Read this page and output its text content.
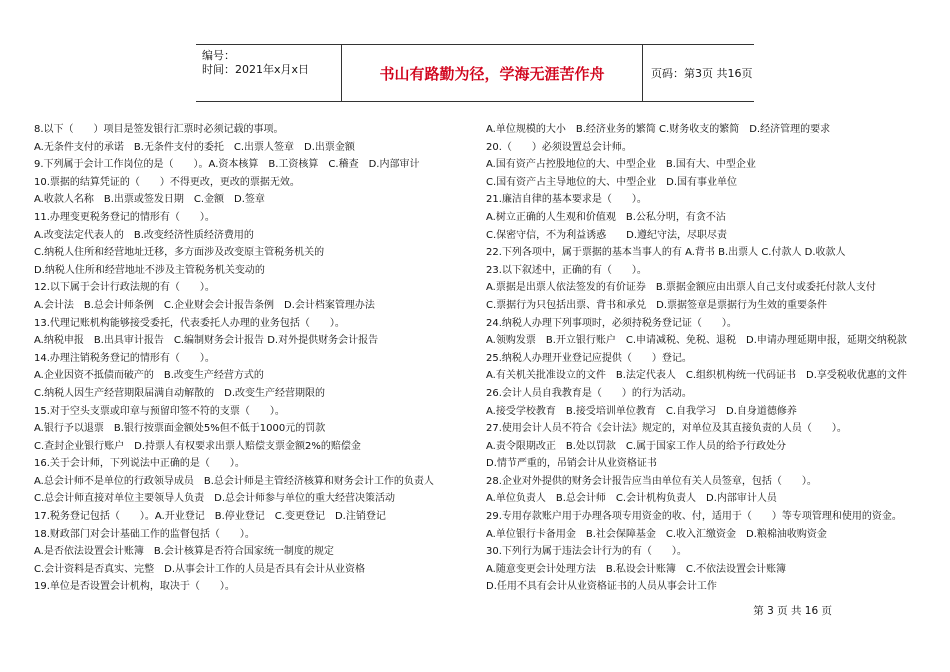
编号：
时间：2021年x月x日	书山有路勤为径，学海无涯苦作舟	页码：第3页 共16页
8.以下（　　）项目是签发银行汇票时必须记载的事项。
A.无条件支付的承诺　B.无条件支付的委托　C.出票人签章　D.出票金额
9.下列属于会计工作岗位的是（　　）。A.资本核算　B.工资核算　C.稽查　D.内部审计
10.票据的结算凭证的（　　）不得更改，更改的票据无效。
A.收款人名称　B.出票或签发日期　C.金额　D.签章
11.办理变更税务登记的情形有（　　）。
A.改变法定代表人的　B.改变经济性质经济费用的
C.纳税人住所和经营地址迁移，多方面涉及改变原主管税务机关的
D.纳税人住所和经营地址不涉及主管税务机关变动的
12.以下属于会计行政法规的有（　　）。
A.会计法　B.总会计师条例　C.企业财会会计报告条例　D.会计档案管理办法
13.代理记账机构能够接受委托，代表委托人办理的业务包括（　　）。
A.纳税申报　B.出具审计报告　C.编制财务会计报告 D.对外提供财务会计报告
14.办理注销税务登记的情形有（　　）。
A.企业因资不抵债而破产的　B.改变生产经营方式的
C.纳税人因生产经营期限届满自动解散的　D.改变生产经营期限的
15.对于空头支票或印章与预留印签不符的支票（　　）。
A.银行予以退票　B.银行按票面金额处5%但不低于1000元的罚款
C.查封企业银行账户　D.持票人有权要求出票人赔偿支票金额2%的赔偿金
16.关于会计师，下列说法中正确的是（　　）。
A.总会计师不是单位的行政领导成员　B.总会计师是主管经济核算和财务会计工作的负责人
C.总会计师直接对单位主要领导人负责　D.总会计师参与单位的重大经营决策活动
17.税务登记包括（　　）。A.开业登记　B.停业登记　C.变更登记　D.注销登记
18.财政部门对会计基础工作的监督包括（　　）。
A.是否依法设置会计账簿　B.会计核算是否符合国家统一制度的规定
C.会计资料是否真实、完整　D.从事会计工作的人员是否具有会计从业资格
19.单位是否设置会计机构，取决于（　　）。
A.单位规模的大小　B.经济业务的繁简 C.财务收支的繁简　D.经济管理的要求
20.（　　）必须设置总会计师。
A.国有资产占控股地位的大、中型企业　B.国有大、中型企业
C.国有资产占主导地位的大、中型企业　D.国有事业单位
21.廉洁自律的基本要求是（　　）。
A.树立正确的人生观和价值观　B.公私分明，有贪不沾
C.保密守信，不为利益诱惑　　D.遵纪守法，尽职尽责
22.下列各项中，属于票据的基本当事人的有 A.背书 B.出票人 C.付款人 D.收款人
23.以下叙述中，正确的有（　　）。
A.票据是出票人依法签发的有价证券　B.票据金额应由出票人自己支付或委托付款人支付
C.票据行为只包括出票、背书和承兑　D.票据签章是票据行为生效的重要条件
24.纳税人办理下列事项时，必须持税务登记证（　　）。
A.领购发票　B.开立银行账户　C.申请减税、免税、退税　D.申请办理延期申报，延期交纳税款
25.纳税人办理开业登记应提供（　　）登记。
A.有关机关批准设立的文件　B.法定代表人　C.组织机构统一代码证书　D.享受税收优惠的文件
26.会计人员自我教育是（　　）的行为活动。
A.接受学校教育　B.接受培训单位教育　C.自我学习　D.自身道德修养
27.使用会计人员不符合《会计法》规定的，对单位及其直接负责的人员（　　）。
A.责令限期改正　B.处以罚款　C.属于国家工作人员的给予行政处分
D.情节严重的，吊销会计从业资格证书
28.企业对外提供的财务会计报告应当由单位有关人员签章，包括（　　）。
A.单位负责人　B.总会计师　C.会计机构负责人　D.内部审计人员
29.专用存款账户用于办理各项专用资金的收、付，适用于（　　）等专项管理和使用的资金。
A.单位银行卡备用金　B.社会保障基金　C.收入汇缴资金　D.粮棉油收购资金
30.下列行为属于违法会计行为的有（　　）。
A.随意变更会计处理方法　B.私设会计账簿　C.不依法设置会计账簿
D.任用不具有会计从业资格证书的人员从事会计工作
第 3 页 共 16 页
